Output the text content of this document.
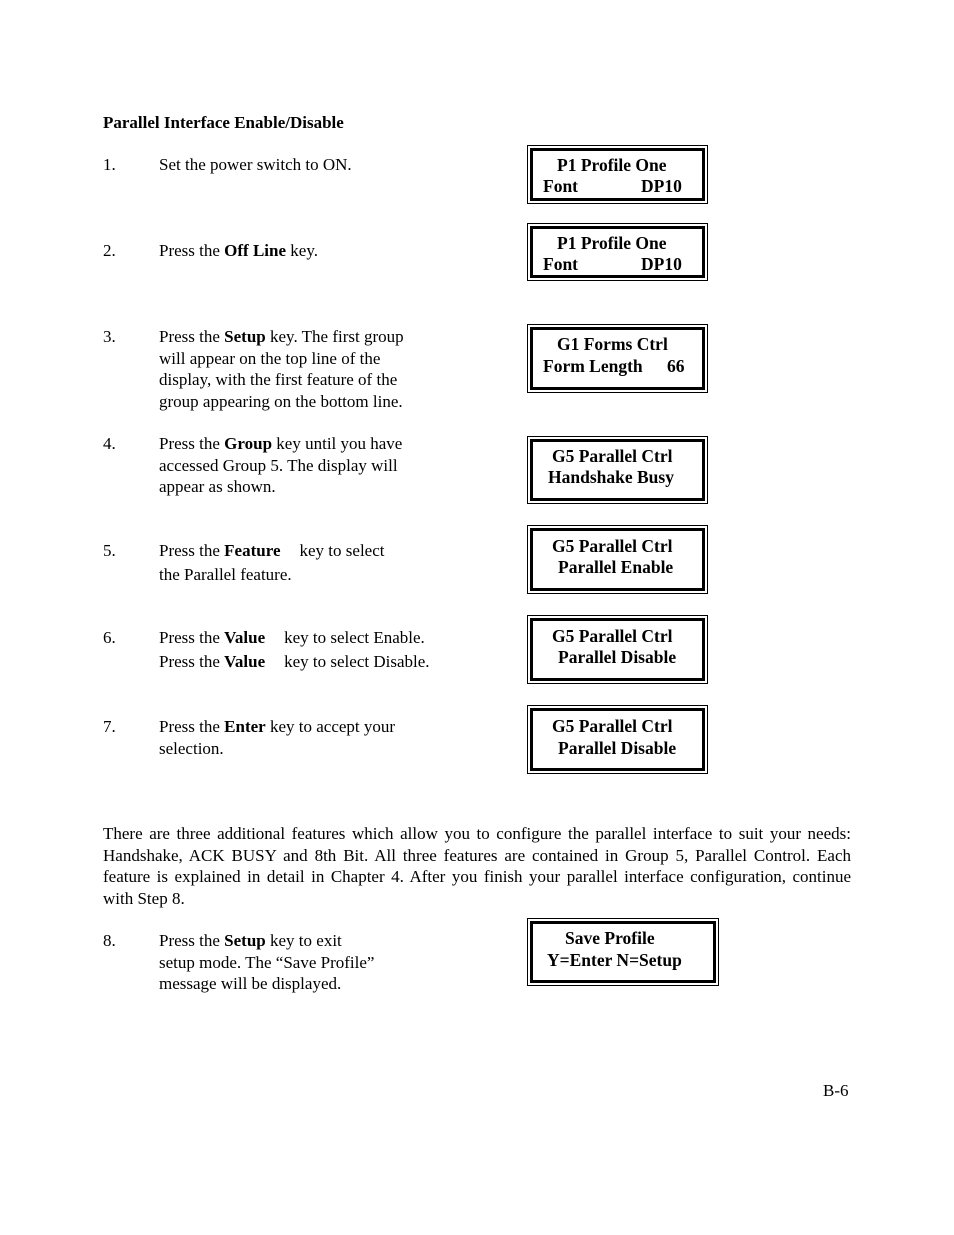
Parallel Interface Enable/Disable
1.	Set the power switch to ON.
2.	Press the Off Line key.
3.	Press the Setup key. The first group
will appear on the top line of the
display, with the first feature of the
group appearing on the bottom line.
4.	Press the Group key until you have
accessed Group 5. The display will
appear as shown.
5.	Press the Feature key to select
the Parallel feature.
6.	Press the Value key to select Enable.
Press the Value key to select Disable.
7.	Press the Enter key to accept your
selection.
P1 Profile One
Font	DP10
P1 Profile One
Font	DP10
G1 Forms Ctrl
Form Length 66
G5 Parallel Ctrl
Handshake Busy
G5 Parallel Ctrl
Parallel Enable
G5 Parallel Ctrl
Parallel Disable
G5 Parallel Ctrl
Parallel Disable
There are three additional features which allow you to configure the parallel interface to suit your needs: Handshake, ACK BUSY and 8th Bit. All three features are contained in Group 5, Parallel Control. Each feature is explained in detail in Chapter 4. After you finish your parallel interface configuration, continue with Step 8.
8.	Press the Setup key to exit
setup mode. The “Save Profile”
message will be displayed.
Save Profile
Y=Enter N=Setup
B-6
